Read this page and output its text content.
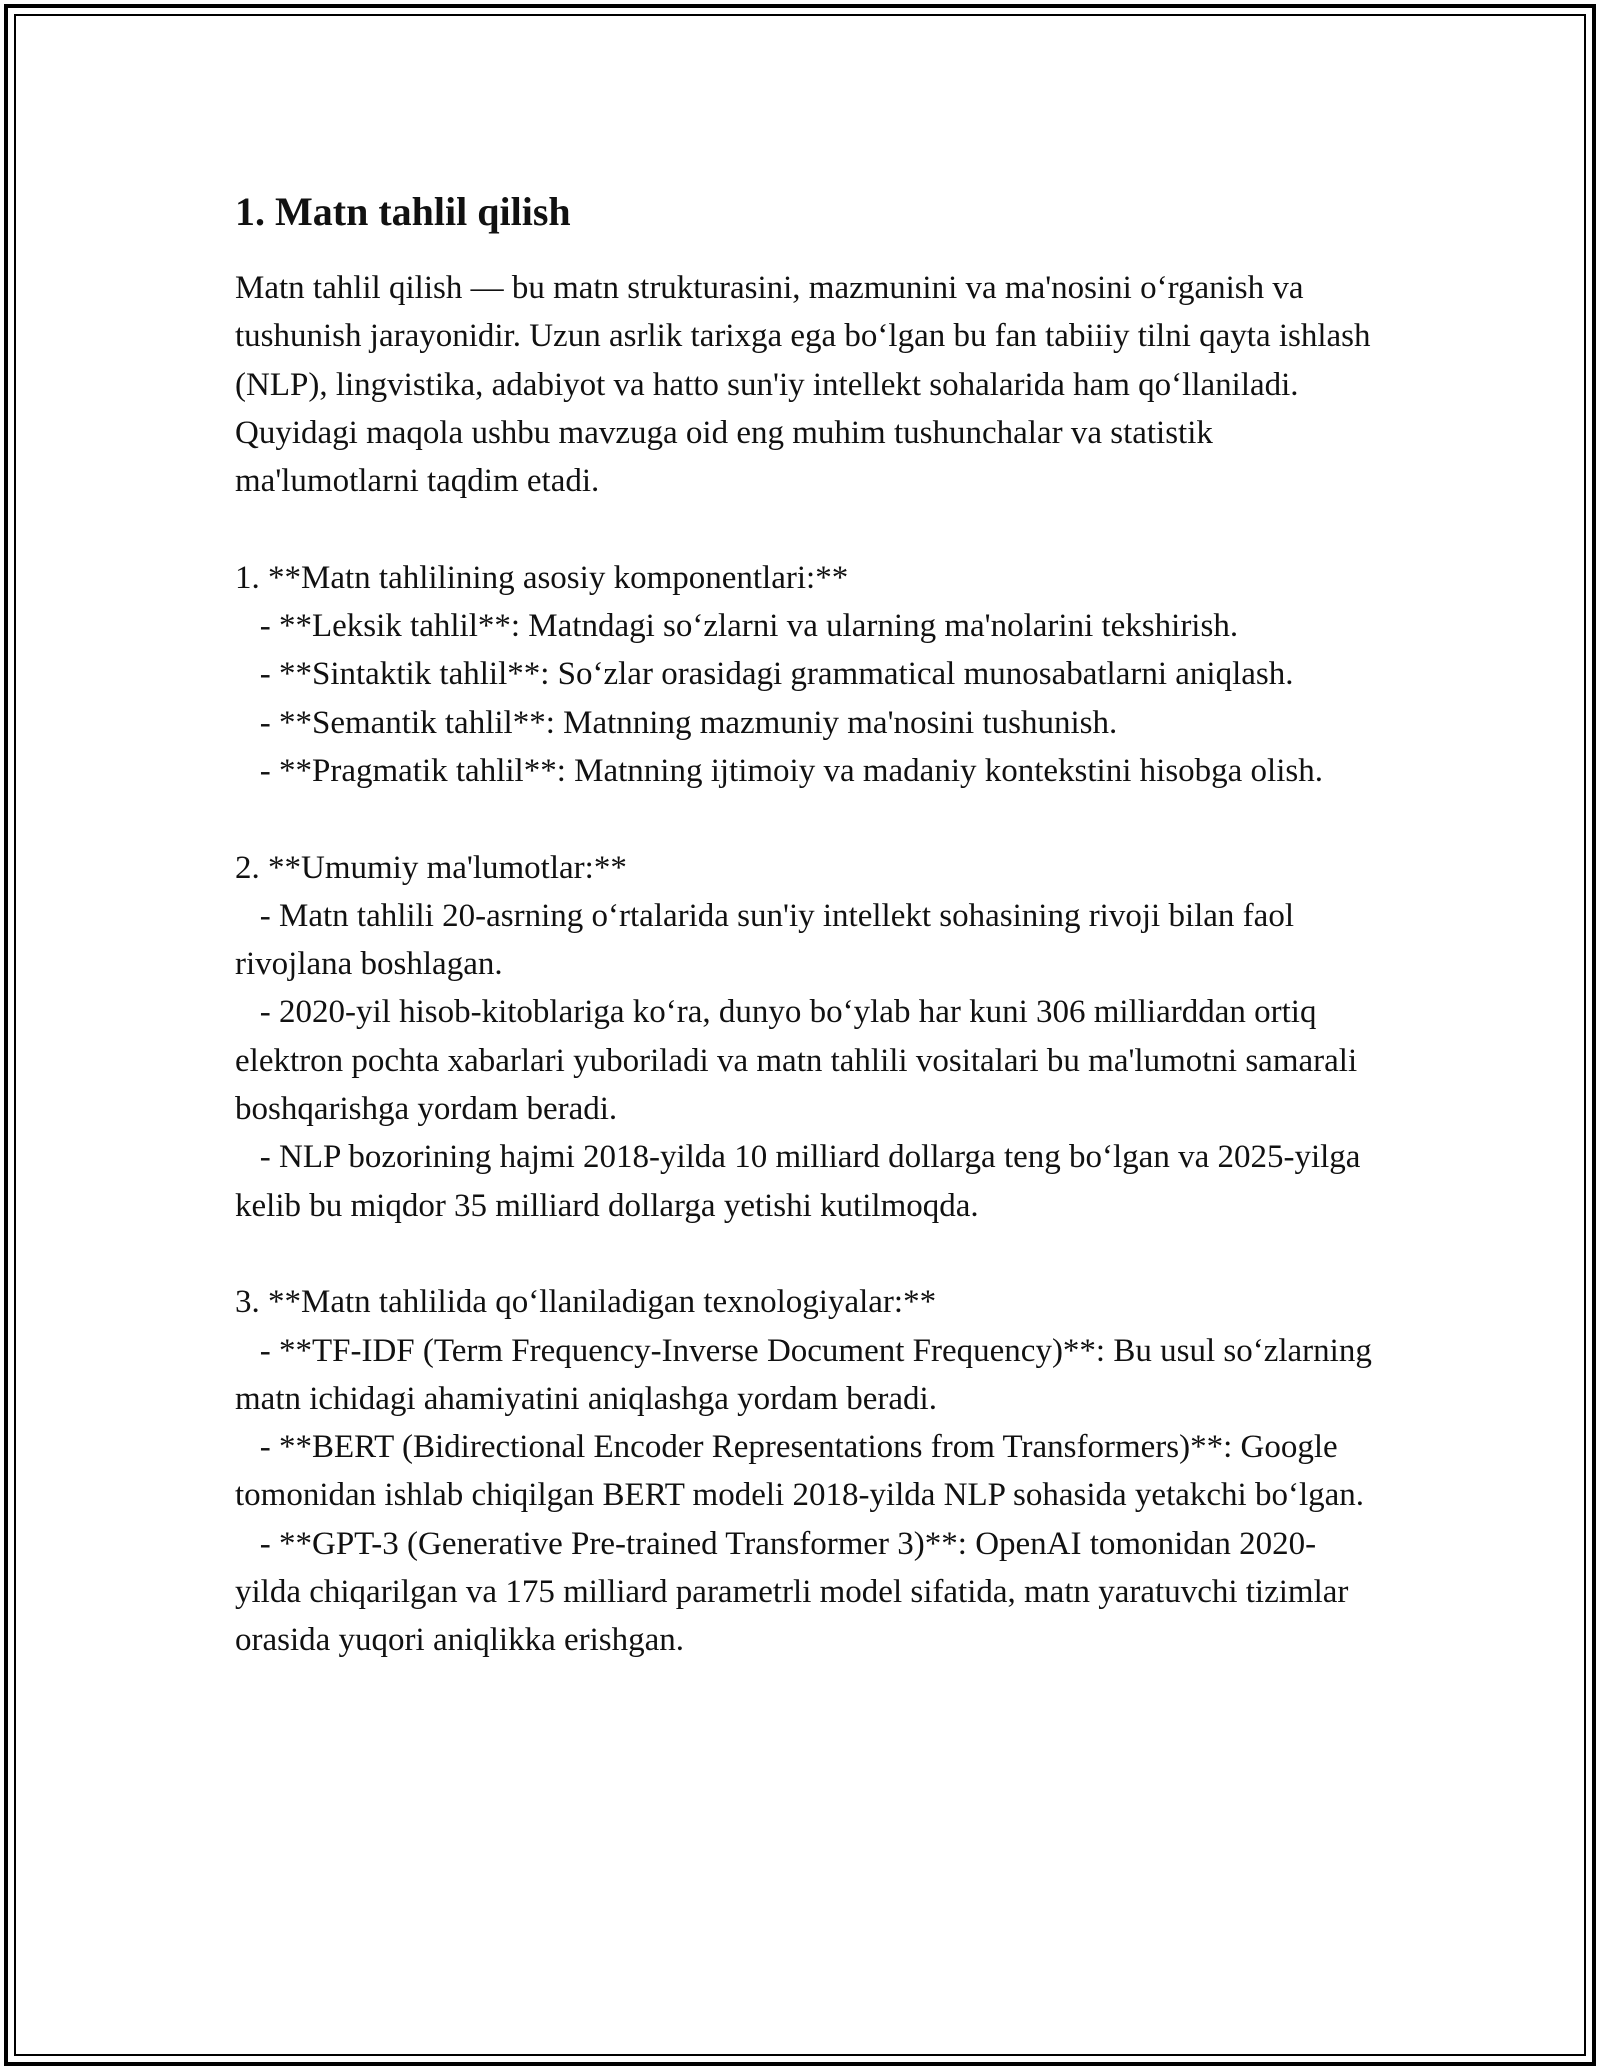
1. Matn tahlil qilish

Matn tahlil qilish — bu matn strukturasini, mazmunini va ma'nosini o‘rganish va tushunish jarayonidir. Uzun asrlik tarixga ega bo‘lgan bu fan tabiiiy tilni qayta ishlash (NLP), lingvistika, adabiyot va hatto sun'iy intellekt sohalarida ham qo‘llaniladi. Quyidagi maqola ushbu mavzuga oid eng muhim tushunchalar va statistik ma'lumotlarni taqdim etadi.

1. **Matn tahlilining asosiy komponentlari:**

- **Leksik tahlil**: Matndagi so‘zlarni va ularning ma'nolarini tekshirish.

- **Sintaktik tahlil**: So‘zlar orasidagi grammatical munosabatlarni aniqlash.

- **Semantik tahlil**: Matnning mazmuniy ma'nosini tushunish.

- **Pragmatik tahlil**: Matnning ijtimoiy va madaniy kontekstini hisobga olish.

2. **Umumiy ma'lumotlar:**

- Matn tahlili 20-asrning o‘rtalarida sun'iy intellekt sohasining rivoji bilan faol rivojlana boshlagan.

- 2020-yil hisob-kitoblariga ko‘ra, dunyo bo‘ylab har kuni 306 milliarddan ortiq elektron pochta xabarlari yuboriladi va matn tahlili vositalari bu ma'lumotni samarali boshqarishga yordam beradi.

- NLP bozorining hajmi 2018-yilda 10 milliard dollarga teng bo‘lgan va 2025-yilga kelib bu miqdor 35 milliard dollarga yetishi kutilmoqda.

3. **Matn tahlilida qo‘llaniladigan texnologiyalar:**

- **TF-IDF (Term Frequency-Inverse Document Frequency)**: Bu usul so‘zlarning matn ichidagi ahamiyatini aniqlashga yordam beradi.

- **BERT (Bidirectional Encoder Representations from Transformers)**: Google tomonidan ishlab chiqilgan BERT modeli 2018-yilda NLP sohasida yetakchi bo‘lgan.

- **GPT-3 (Generative Pre-trained Transformer 3)**: OpenAI tomonidan 2020-yilda chiqarilgan va 175 milliard parametrli model sifatida, matn yaratuvchi tizimlar orasida yuqori aniqlikka erishgan.
